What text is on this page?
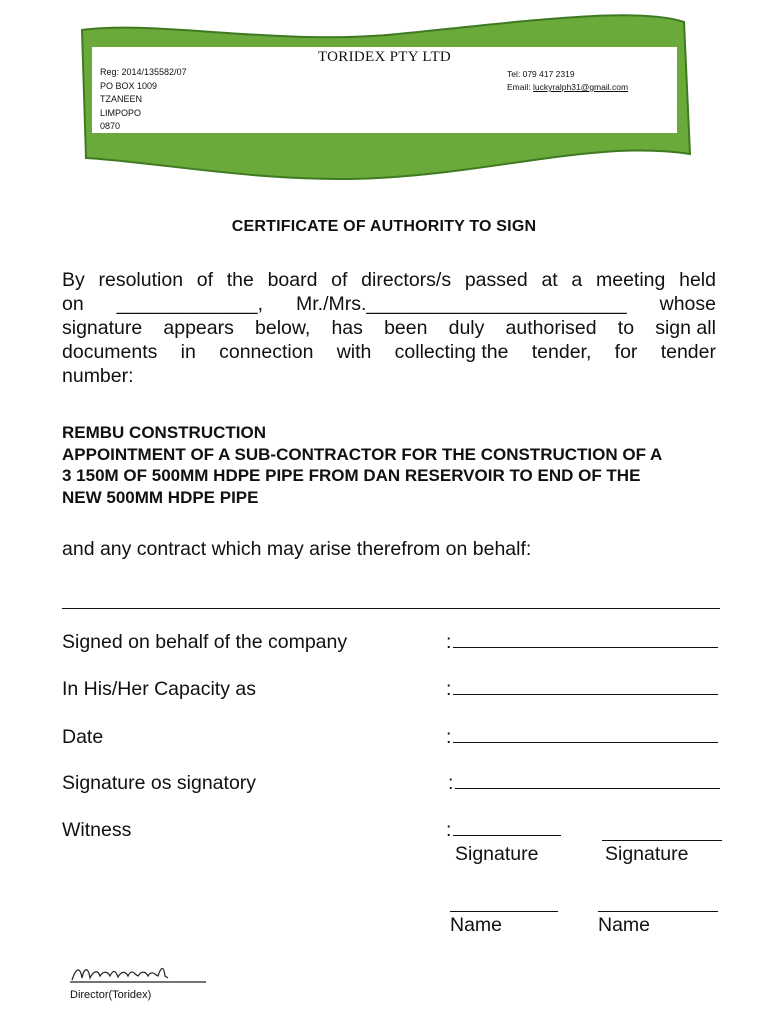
TORIDEX PTY LTD
Reg: 2014/135582/07
PO BOX 1009
TZANEEN
LIMPOPO
0870
Tel: 079 417 2319
Email: luckyralph31@gmail.com
CERTIFICATE OF AUTHORITY TO SIGN
By resolution of the board of directors/s passed at a meeting held
on _____________, Mr./Mrs.________________________ whose
signature appears below, has been duly authorised to sign all
documents in connection with collecting the tender, for tender
number:
REMBU CONSTRUCTION
APPOINTMENT OF A SUB-CONTRACTOR FOR THE CONSTRUCTION OF A
3 150M OF 500MM HDPE PIPE FROM DAN RESERVOIR TO END OF THE
NEW 500MM HDPE PIPE
and any contract which may arise therefrom on behalf:
Signed on behalf of the company	:
In His/Her Capacity as	:
Date	:
Signature os signatory	:
Witness	:
Signature	Signature
Name	Name
Director(Toridex)
